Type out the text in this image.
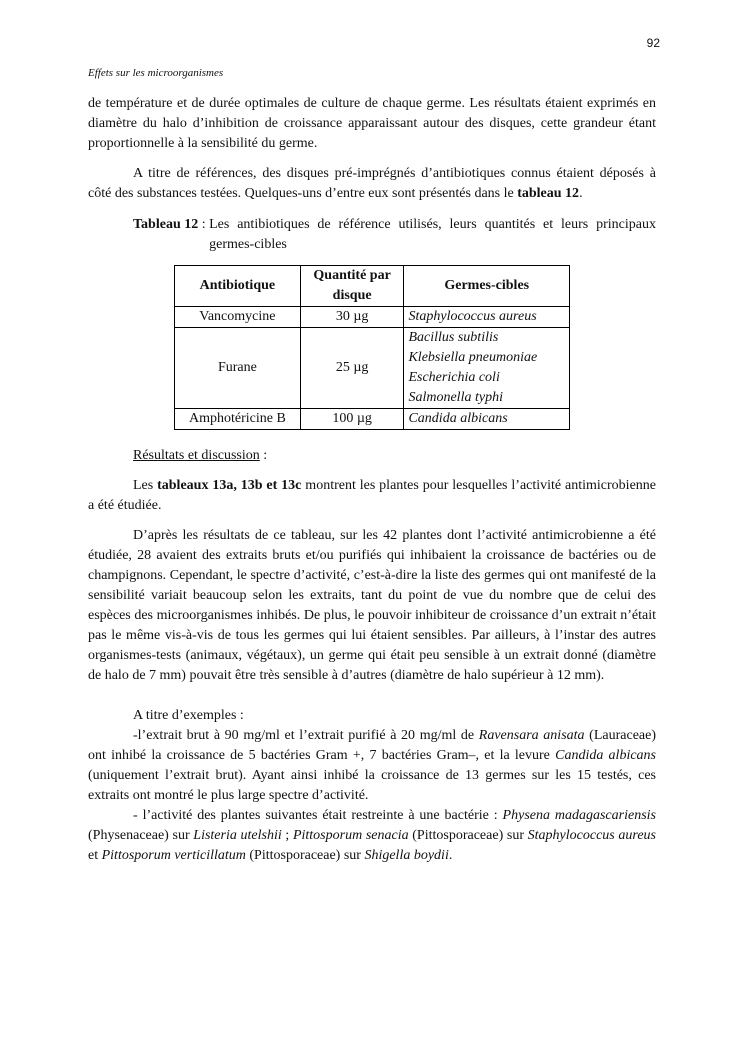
92
Effets sur les microorganismes

de température et de durée optimales de culture de chaque germe. Les résultats étaient exprimés en diamètre du halo d’inhibition de croissance apparaissant autour des disques, cette grandeur étant proportionnelle à la sensibilité du germe.

A titre de références, des disques pré-imprégnés d’antibiotiques connus étaient déposés à côté des substances testées. Quelques-uns d’entre eux sont présentés dans le tableau 12.

Tableau 12 : Les antibiotiques de référence utilisés, leurs quantités et leurs principaux germes-cibles
Antibiotique	Quantité par disque	Germes-cibles
Vancomycine	30 µg	Staphylococcus aureus

Furane	25 µg	Bacillus subtilis
Klebsiella pneumoniae
Escherichia coli
Salmonella typhi

Amphotéricine B	100 µg	Candida albicans
Résultats et discussion :

Les tableaux 13a, 13b et 13c montrent les plantes pour lesquelles l’activité antimicrobienne a été étudiée.

D’après les résultats de ce tableau, sur les 42 plantes dont l’activité antimicrobienne a été étudiée, 28 avaient des extraits bruts et/ou purifiés qui inhibaient la croissance de bactéries ou de champignons. Cependant, le spectre d’activité, c’est-à-dire la liste des germes qui ont manifesté de la sensibilité variait beaucoup selon les extraits, tant du point de vue du nombre que de celui des espèces des microorganismes inhibés. De plus, le pouvoir inhibiteur de croissance d’un extrait n’était pas le même vis-à-vis de tous les germes qui lui étaient sensibles. Par ailleurs, à l’instar des autres organismes-tests (animaux, végétaux), un germe qui était peu sensible à un extrait donné (diamètre de halo de 7 mm) pouvait être très sensible à d’autres (diamètre de halo supérieur à 12 mm).

A titre d’exemples :

-l’extrait brut à 90 mg/ml et l’extrait purifié à 20 mg/ml de Ravensara anisata (Lauraceae) ont inhibé la croissance de 5 bactéries Gram +, 7 bactéries Gram–, et la levure Candida albicans (uniquement l’extrait brut). Ayant ainsi inhibé la croissance de 13 germes sur les 15 testés, ces extraits ont montré le plus large spectre d’activité.

- l’activité des plantes suivantes était restreinte à une bactérie : Physena madagascariensis (Physenaceae) sur Listeria utelshii ; Pittosporum senacia (Pittosporaceae) sur Staphylococcus aureus et Pittosporum verticillatum (Pittosporaceae) sur Shigella boydii.
